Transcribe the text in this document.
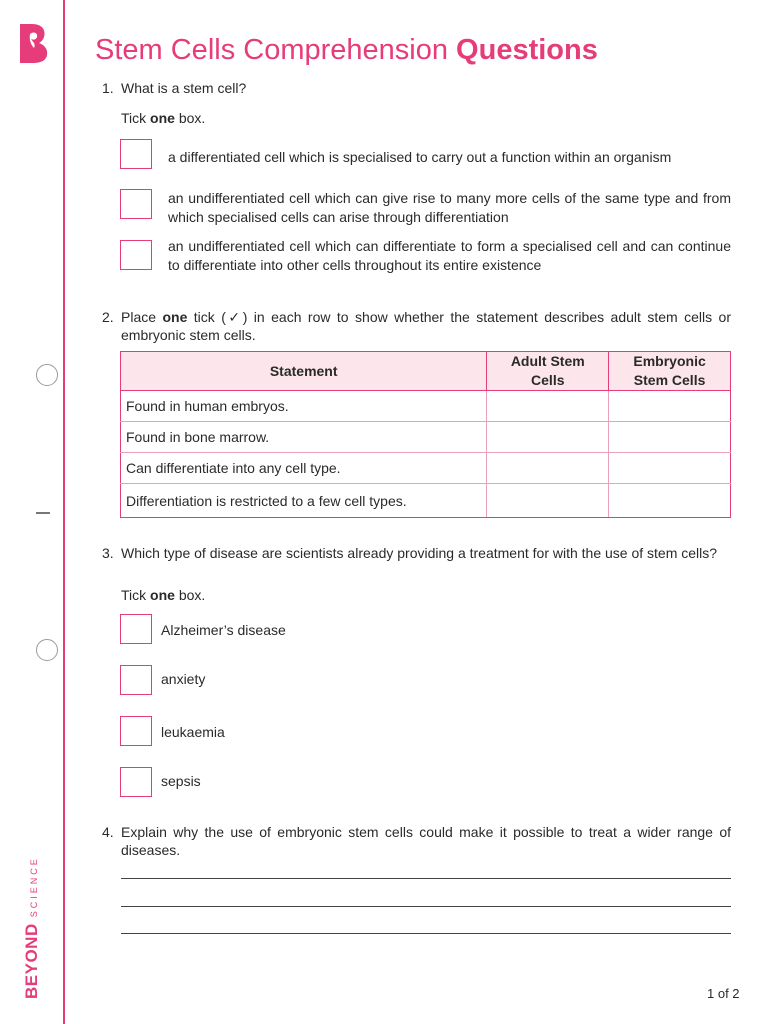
BEYONDSCIENCE
Stem Cells Comprehension Questions
1. What is a stem cell?
Tick one box.
a differentiated cell which is specialised to carry out a function within an organism
an undifferentiated cell which can give rise to many more cells of the same type and from which specialised cells can arise through differentiation
an undifferentiated cell which can differentiate to form a specialised cell and can continue to differentiate into other cells throughout its entire existence
2. Place one tick (✓) in each row to show whether the statement describes adult stem cells or embryonic stem cells.
Statement	Adult Stem Cells	Embryonic Stem Cells

Found in human embryos.		
Found in bone marrow.		
Can differentiate into any cell type.		
Differentiation is restricted to a few cell types.		
3. Which type of disease are scientists already providing a treatment for with the use of stem cells?
Tick one box.
Alzheimer’s disease
anxiety
leukaemia
sepsis
4. Explain why the use of embryonic stem cells could make it possible to treat a wider range of diseases.
1 of 2
